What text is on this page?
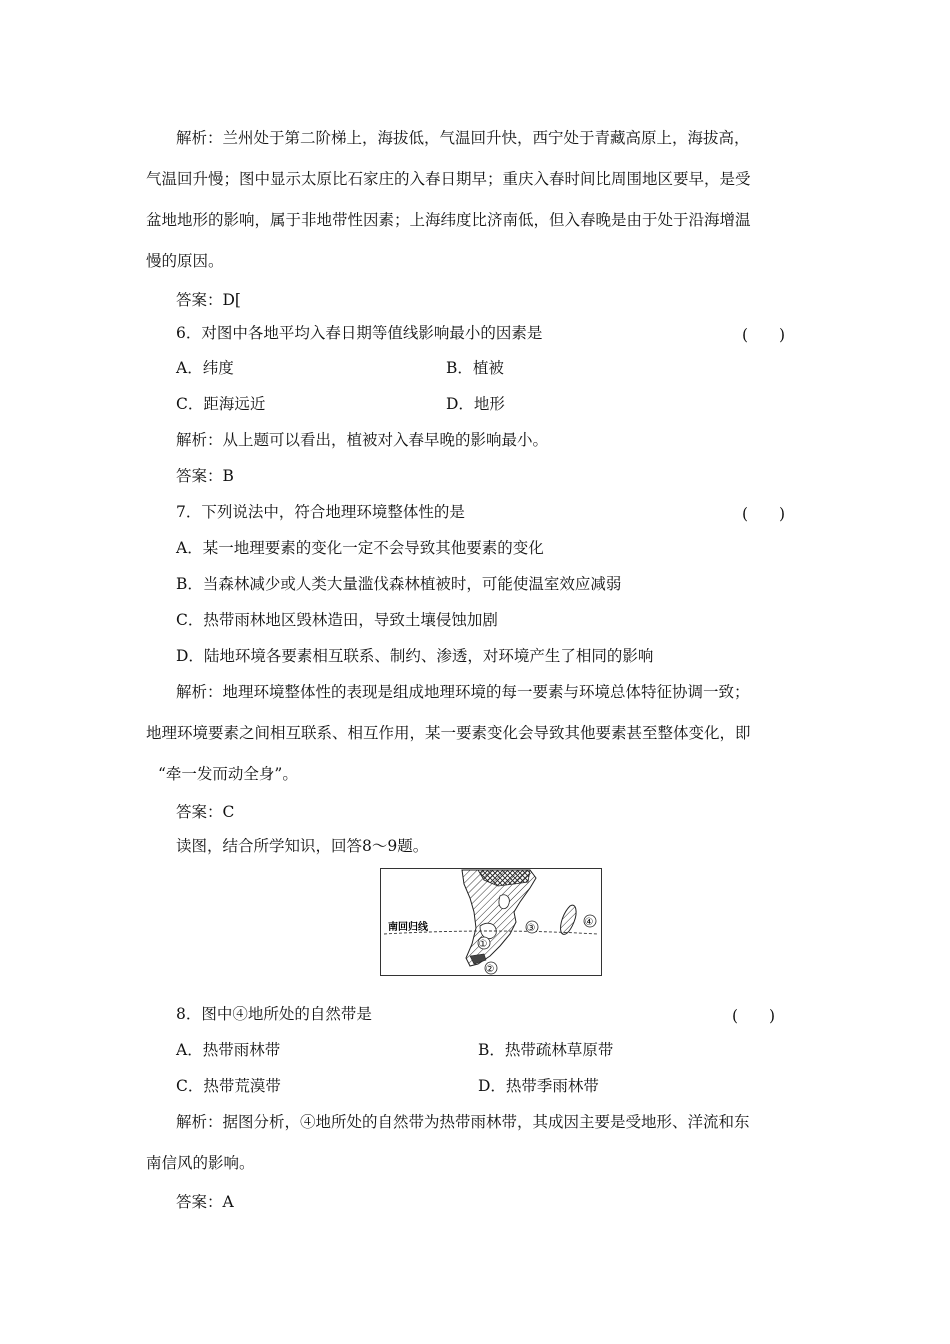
解析：兰州处于第二阶梯上，海拔低，气温回升快，西宁处于青藏高原上，海拔高，
气温回升慢；图中显示太原比石家庄的入春日期早；重庆入春时间比周围地区要早，是受
盆地地形的影响，属于非地带性因素；上海纬度比济南低，但入春晚是由于处于沿海增温
慢的原因。
答案：D[
6．对图中各地平均入春日期等值线影响最小的因素是	(　　)
A．纬度	B．植被
C．距海远近	D．地形
解析：从上题可以看出，植被对入春早晚的影响最小。
答案：B
7．下列说法中，符合地理环境整体性的是	(　　)
A．某一地理要素的变化一定不会导致其他要素的变化
B．当森林减少或人类大量滥伐森林植被时，可能使温室效应减弱
C．热带雨林地区毁林造田，导致土壤侵蚀加剧
D．陆地环境各要素相互联系、制约、渗透，对环境产生了相同的影响
解析：地理环境整体性的表现是组成地理环境的每一要素与环境总体特征协调一致；
地理环境要素之间相互联系、相互作用，某一要素变化会导致其他要素甚至整体变化，即
“牵一发而动全身”。
答案：C
读图，结合所学知识，回答8～9题。
南回归线
①
②
③
④
8．图中④地所处的自然带是	(　　)
A．热带雨林带	B．热带疏林草原带
C．热带荒漠带	D．热带季雨林带
解析：据图分析，④地所处的自然带为热带雨林带，其成因主要是受地形、洋流和东
南信风的影响。
答案：A
